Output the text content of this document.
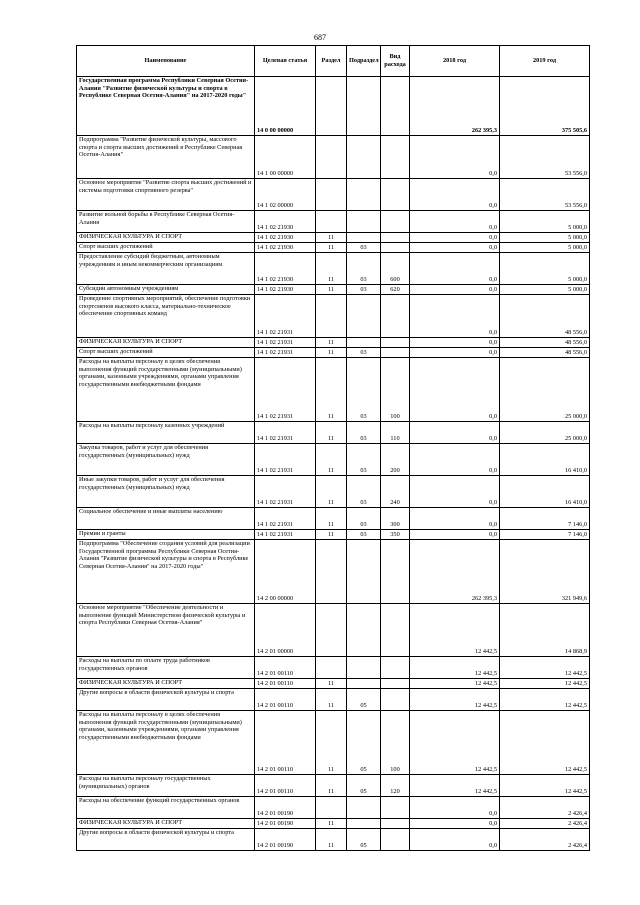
687
Наименование	Целевая статья	Раздел	Подраздел	Вид расхода	2018 год	2019 год

Государственная программа Республики Северная Осетия-Алания "Развитие физической культуры и спорта в Республике Северная Осетия-Алания" на 2017-2020 годы"	14 0 00 00000				262 395,3	375 505,6

Подпрограмма "Развитие физической культуры, массового спорта и спорта высших достижений в Республике Северная Осетия-Алания"	14 1 00 00000				0,0	53 556,0

Основное мероприятие "Развитие спорта высших достижений и системы подготовки спортивного резерва"	14 1 02 00000				0,0	53 556,0

Развитие вольной борьбы в Республике Северная Осетия-Алания	14 1 02 21930				0,0	5 000,0

ФИЗИЧЕСКАЯ КУЛЬТУРА И СПОРТ	14 1 02 21930	11			0,0	5 000,0

Спорт высших достижений	14 1 02 21930	11	03		0,0	5 000,0

Предоставление субсидий бюджетным, автономным учреждениям и иным некоммерческим организациям	14 1 02 21930	11	03	600	0,0	5 000,0

Субсидии автономным учреждениям	14 1 02 21930	11	03	620	0,0	5 000,0

Проведение спортивных мероприятий, обеспечение подготовки спортсменов высокого класса, материально-техническое обеспечение спортивных команд	14 1 02 21931				0,0	48 556,0

ФИЗИЧЕСКАЯ КУЛЬТУРА И СПОРТ	14 1 02 21931	11			0,0	48 556,0

Спорт высших достижений	14 1 02 21931	11	03		0,0	48 556,0

Расходы на выплаты персоналу в целях обеспечения выполнения функций государственными (муниципальными) органами, казенными учреждениями, органами управления государственными внебюджетными фондами	14 1 02 21931	11	03	100	0,0	25 000,0

Расходы на выплаты персоналу казенных учреждений	14 1 02 21931	11	03	110	0,0	25 000,0

Закупка товаров, работ и услуг для обеспечения государственных (муниципальных) нужд	14 1 02 21931	11	03	200	0,0	16 410,0

Иные закупки товаров, работ и услуг для обеспечения государственных (муниципальных) нужд	14 1 02 21931	11	03	240	0,0	16 410,0

Социальное обеспечение и иные выплаты населению	14 1 02 21931	11	03	300	0,0	7 146,0

Премии и гранты	14 1 02 21931	11	03	350	0,0	7 146,0

Подпрограмма "Обеспечение создания условий для реализации Государственной программы Республики Северная Осетия-Алания "Развитие физической культуры и спорта в Республике Северная Осетия-Алания" на 2017-2020 годы"	14 2 00 00000				262 395,3	321 949,6

Основное мероприятие "Обеспечение деятельности и выполнение функций Министерством физической культуры и спорта Республики Северная Осетия-Алания"	14 2 01 00000				12 442,5	14 868,9

Расходы на выплаты по оплате труда работников государственных органов	14 2 01 00110				12 442,5	12 442,5

ФИЗИЧЕСКАЯ КУЛЬТУРА И СПОРТ	14 2 01 00110	11			12 442,5	12 442,5

Другие вопросы в области физической культуры и спорта	14 2 01 00110	11	05		12 442,5	12 442,5

Расходы на выплаты персоналу в целях обеспечения выполнения функций государственными (муниципальными) органами, казенными учреждениями, органами управления государственными внебюджетными фондами	14 2 01 00110	11	05	100	12 442,5	12 442,5

Расходы на выплаты персоналу государственных (муниципальных) органов	14 2 01 00110	11	05	120	12 442,5	12 442,5

Расходы на обеспечение функций государственных органов	14 2 01 00190				0,0	2 426,4

ФИЗИЧЕСКАЯ КУЛЬТУРА И СПОРТ	14 2 01 00190	11			0,0	2 426,4

Другие вопросы в области физической культуры и спорта	14 2 01 00190	11	05		0,0	2 426,4
